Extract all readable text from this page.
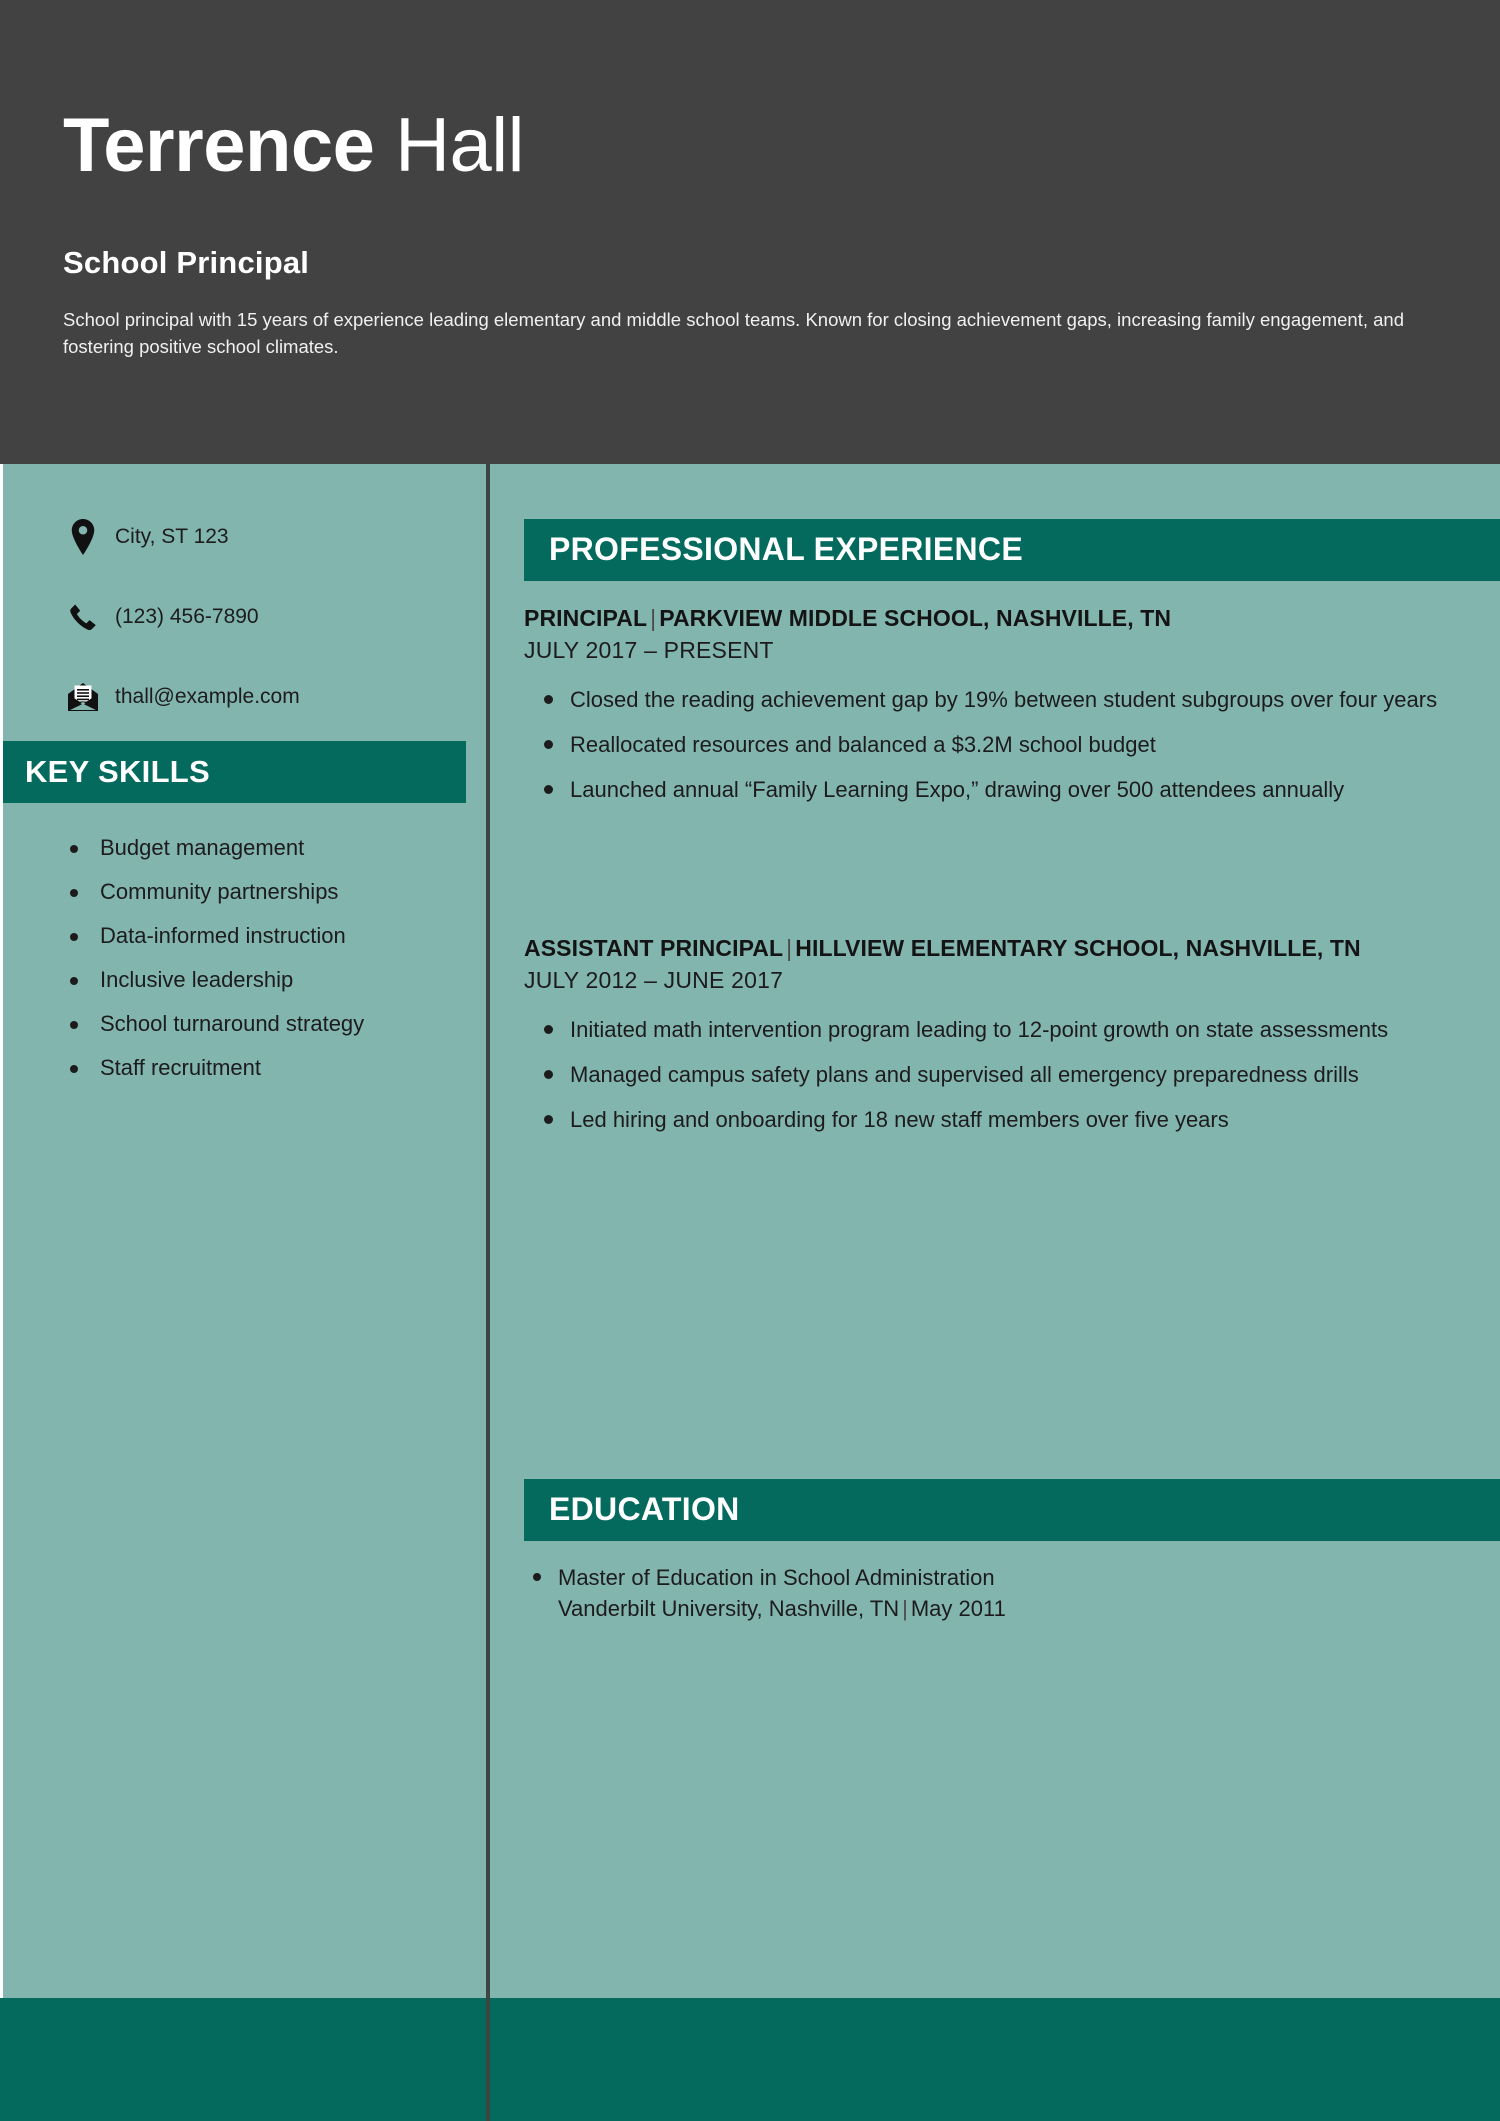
Terrence Hall
School Principal
School principal with 15 years of experience leading elementary and middle school teams. Known for closing achievement gaps, increasing family engagement, and fostering positive school climates.
City, ST 123
(123) 456-7890
thall@example.com
KEY SKILLS
Budget management
Community partnerships
Data-informed instruction
Inclusive leadership
School turnaround strategy
Staff recruitment
PROFESSIONAL EXPERIENCE
PRINCIPAL | PARKVIEW MIDDLE SCHOOL, NASHVILLE, TN
JULY 2017 – PRESENT
Closed the reading achievement gap by 19% between student subgroups over four years
Reallocated resources and balanced a $3.2M school budget
Launched annual “Family Learning Expo,” drawing over 500 attendees annually
ASSISTANT PRINCIPAL | HILLVIEW ELEMENTARY SCHOOL, NASHVILLE, TN
JULY 2012 – JUNE 2017
Initiated math intervention program leading to 12-point growth on state assessments
Managed campus safety plans and supervised all emergency preparedness drills
Led hiring and onboarding for 18 new staff members over five years
EDUCATION
Master of Education in School Administration
Vanderbilt University, Nashville, TN | May 2011
